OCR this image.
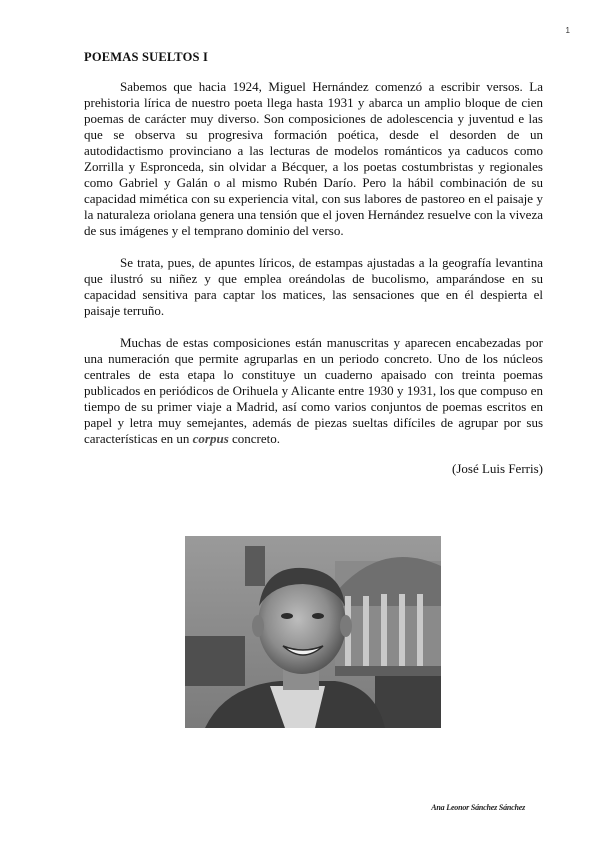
1
POEMAS SUELTOS I

Sabemos que hacia 1924, Miguel Hernández comenzó a escribir versos. La prehistoria lírica de nuestro poeta llega hasta 1931 y abarca un amplio bloque de cien poemas de carácter muy diverso. Son composiciones de adolescencia y juventud e las que se observa su progresiva formación poética, desde el desorden de un autodidactismo provinciano a las lecturas de modelos románticos ya caducos como Zorrilla y Espronceda, sin olvidar a Bécquer, a los poetas costumbristas y regionales como Gabriel y Galán o al mismo Rubén Darío. Pero la hábil combinación de su capacidad mimética con su experiencia vital, con sus labores de pastoreo en el paisaje y la naturaleza oriolana genera una tensión que el joven Hernández resuelve con la viveza de sus imágenes y el temprano dominio del verso.

Se trata, pues, de apuntes líricos, de estampas ajustadas a la geografía levantina que ilustró su niñez y que emplea oreándolas de bucolismo, amparándose en su capacidad sensitiva para captar los matices, las sensaciones que en él despierta el paisaje terruño.

Muchas de estas composiciones están manuscritas y aparecen encabezadas por una numeración que permite agruparlas en un periodo concreto. Uno de los núcleos centrales de esta etapa lo constituye un cuaderno apaisado con treinta poemas publicados en periódicos de Orihuela y Alicante entre 1930 y 1931, los que compuso en tiempo de su primer viaje a Madrid, así como varios conjuntos de poemas escritos en papel y letra muy semejantes, además de piezas sueltas difíciles de agrupar por sus características en un corpus concreto.

(José Luis Ferris)
Ana Leonor Sánchez Sánchez
